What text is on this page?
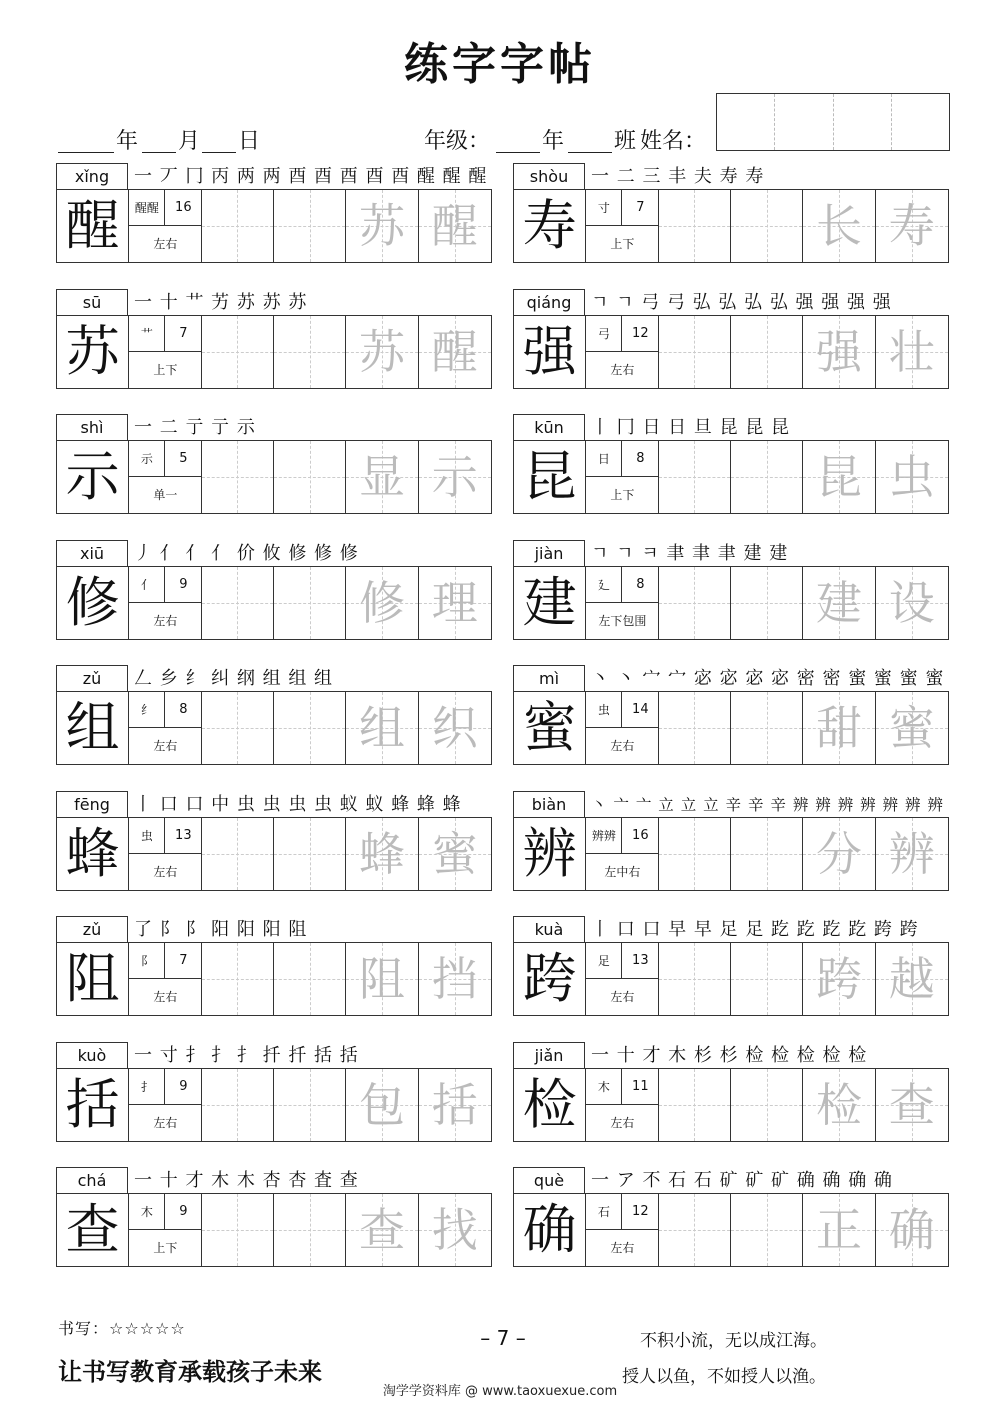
练字字帖
年 月 日	年级： 年 班 姓名：
xǐng	一 丆 冂 丙 两 两 酉 酉 酉 酉 酉 醒 醒 醒
醒	醒醒	16
左右	苏 醒
shòu	一 二 三 丰 夫 寿 寿
寿	寸	7
上下	长 寿
sū	一 十 艹 艻 苏 苏 苏
苏	艹	7
上下	苏 醒
qiáng	ㄱ ㄱ 弓 弓 弘 弘 弘 弘 强 强 强 强
强	弓	12
左右	强 壮
shì	一 二 亍 亍 示
示	示	5
单一	显 示
kūn	丨 冂 日 日 旦 昆 昆 昆
昆	日	8
上下	昆 虫
xiū	丿 亻 亻 亻 价 攸 修 修 修
修	亻	9
左右	修 理
jiàn	ㄱ ㄱ ㅋ 聿 聿 聿 建 建
建	廴	8
左下包围	建 设
zǔ	𠃋 乡 纟 纠 纲 组 组 组
组	纟	8
左右	组 织
mì	丶 丶 宀 宀 宓 宓 宓 宓 密 密 蜜 蜜 蜜 蜜
蜜	虫	14
左右	甜 蜜
fēng	丨 口 口 中 虫 虫 虫 虫 蚁 蚁 蜂 蜂 蜂
蜂	虫	13
左右	蜂 蜜
biàn	丶 亠 亠 立 立 立 辛 辛 辛 辨 辨 辨 辨 辨 辨 辨
辨	辨辨	16
左中右	分 辨
zǔ	了 阝 阝 阳 阳 阳 阻
阻	阝	7
左右	阻 挡
kuà	丨 口 口 早 早 足 足 趷 趷 趷 趷 跨 跨
跨	足	13
左右	跨 越
kuò	一 寸 扌 扌 扌 扦 扦 括 括
括	扌	9
左右	包 括
jiǎn	一 十 才 木 杉 杉 检 检 检 检 检
检	木	11
左右	检 查
chá	一 十 才 木 木 杏 杏 査 查
查	木	9
上下	查 找
què	一 ア 不 石 石 矿 矿 矿 确 确 确 确
确	石	12
左右	正 确
书写：☆☆☆☆☆
让书写教育承载孩子未来
– 7 –	不积小流，无以成江海。
授人以鱼，不如授人以渔。
淘学学资料库 @ www.taoxuexue.com
